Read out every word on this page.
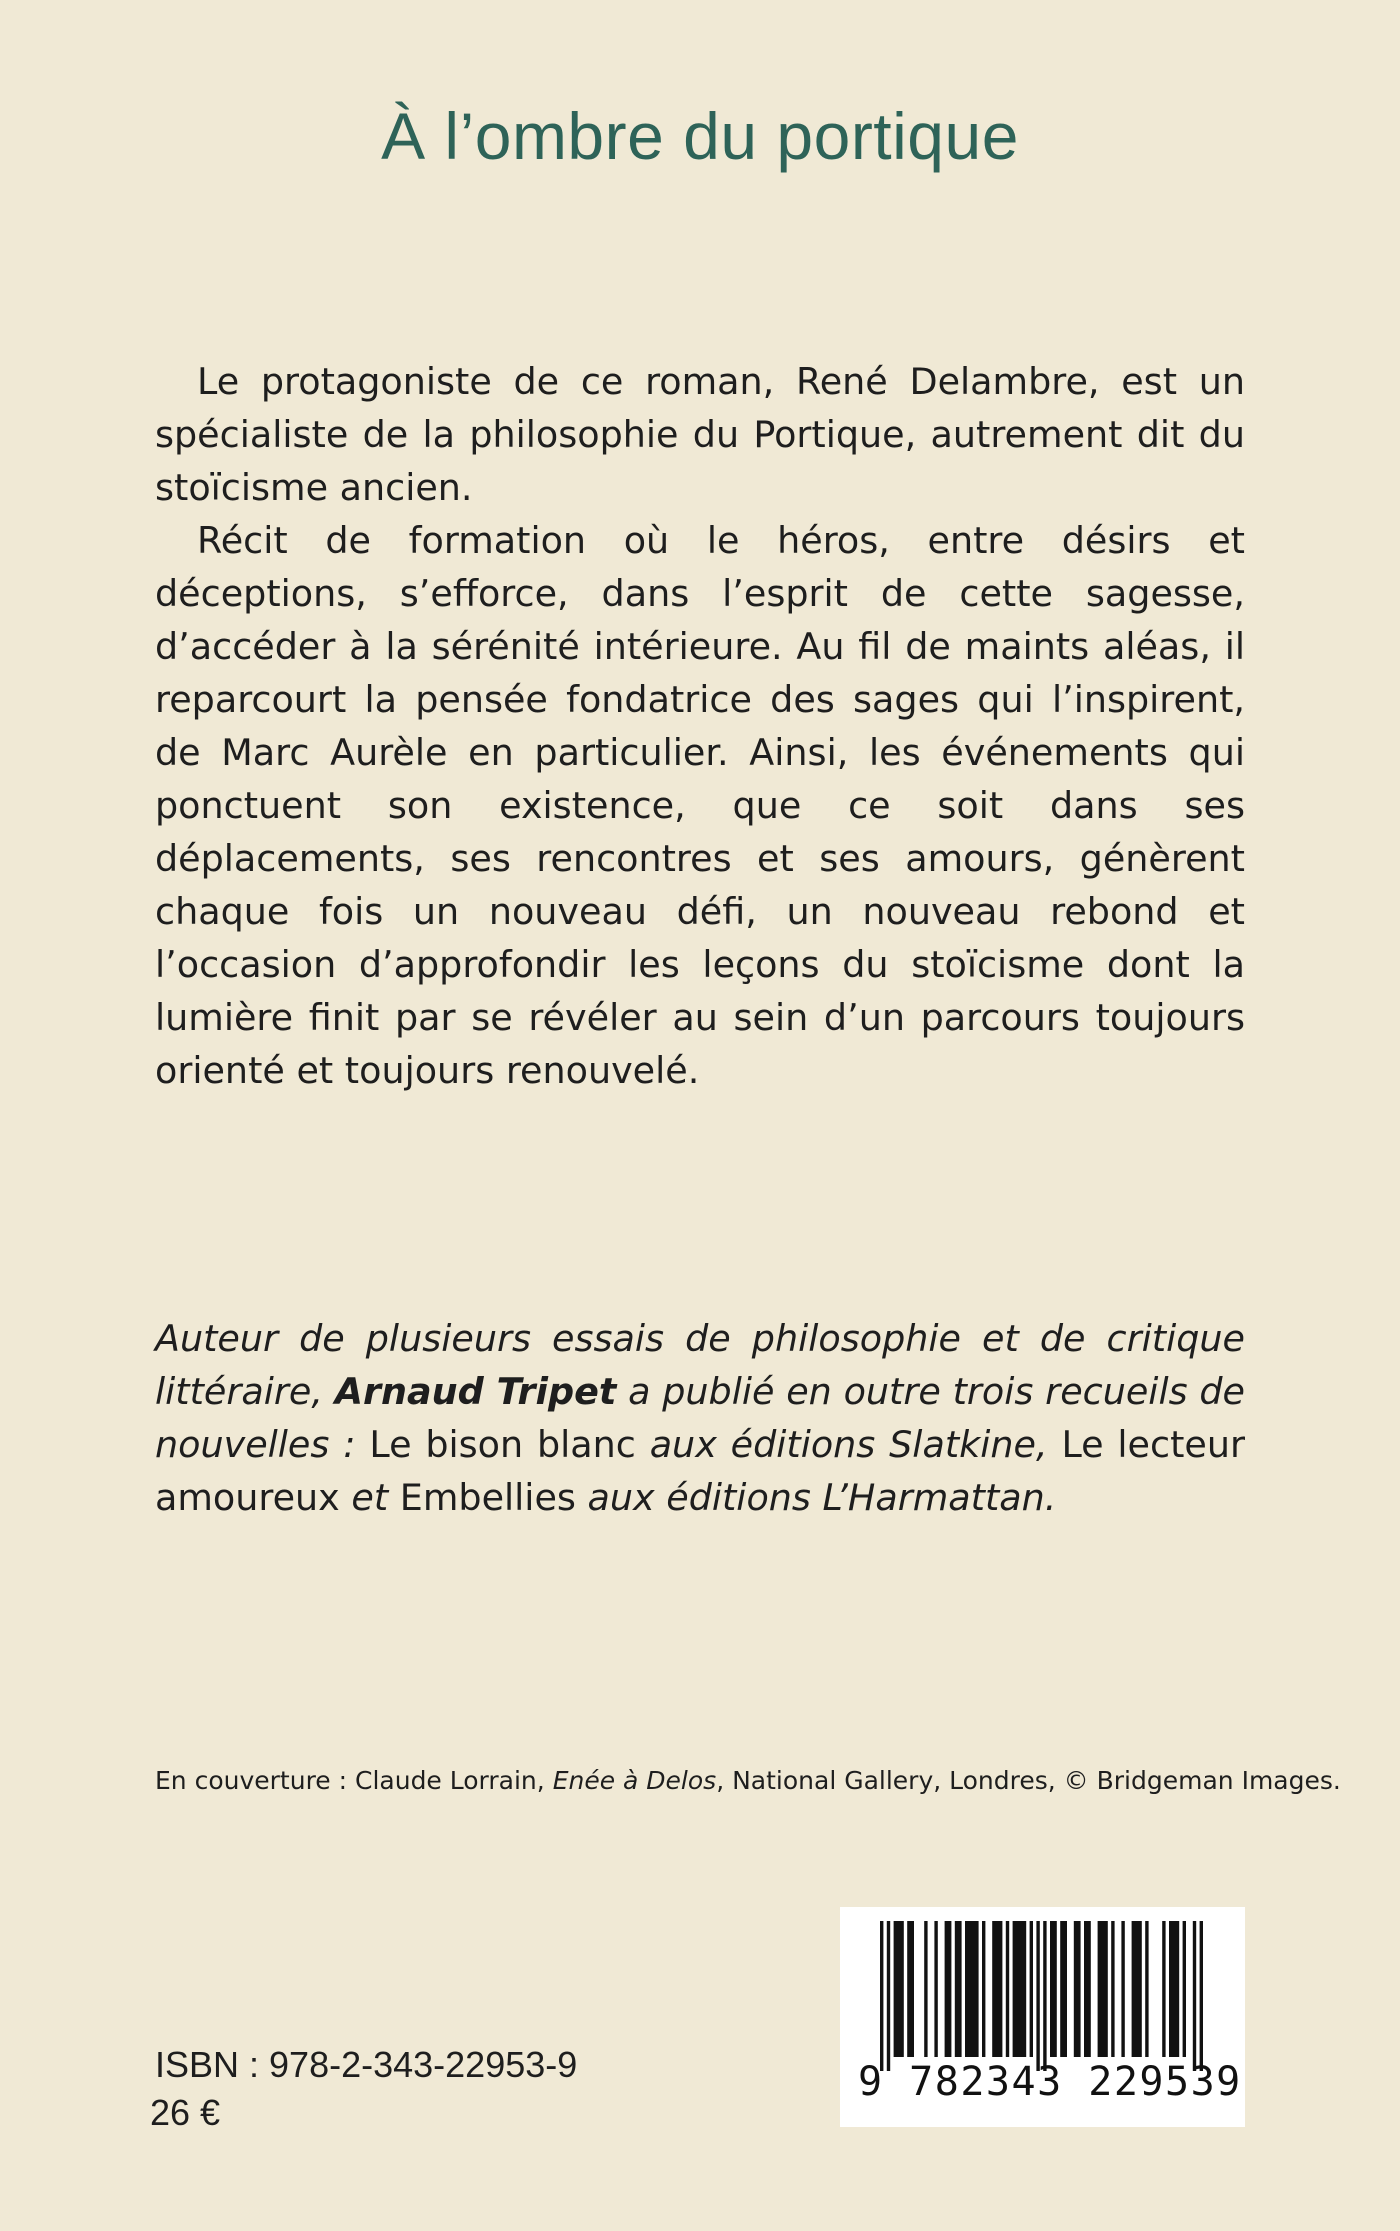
À l’ombre du portique

Le protagoniste de ce roman, René Delambre, est un spécialiste de la philosophie du Portique, autrement dit du stoïcisme ancien.

Récit de formation où le héros, entre désirs et déceptions, s’efforce, dans l’esprit de cette sagesse, d’accéder à la sérénité intérieure. Au fil de maints aléas, il reparcourt la pensée fondatrice des sages qui l’inspirent, de Marc Aurèle en particulier. Ainsi, les événements qui ponctuent son existence, que ce soit dans ses déplacements, ses rencontres et ses amours, génèrent chaque fois un nouveau défi, un nouveau rebond et l’occasion d’approfondir les leçons du stoïcisme dont la lumière finit par se révéler au sein d’un parcours toujours orienté et toujours renouvelé.

Auteur de plusieurs essais de philosophie et de critique littéraire, Arnaud Tripet a publié en outre trois recueils de nouvelles : Le bison blanc aux éditions Slatkine, Le lecteur amoureux et Embellies aux éditions L’Harmattan.

En couverture : Claude Lorrain, Enée à Delos, National Gallery, Londres, © Bridgeman Images.

ISBN : 978-2-343-22953-9

26 €

9 782343 229539
